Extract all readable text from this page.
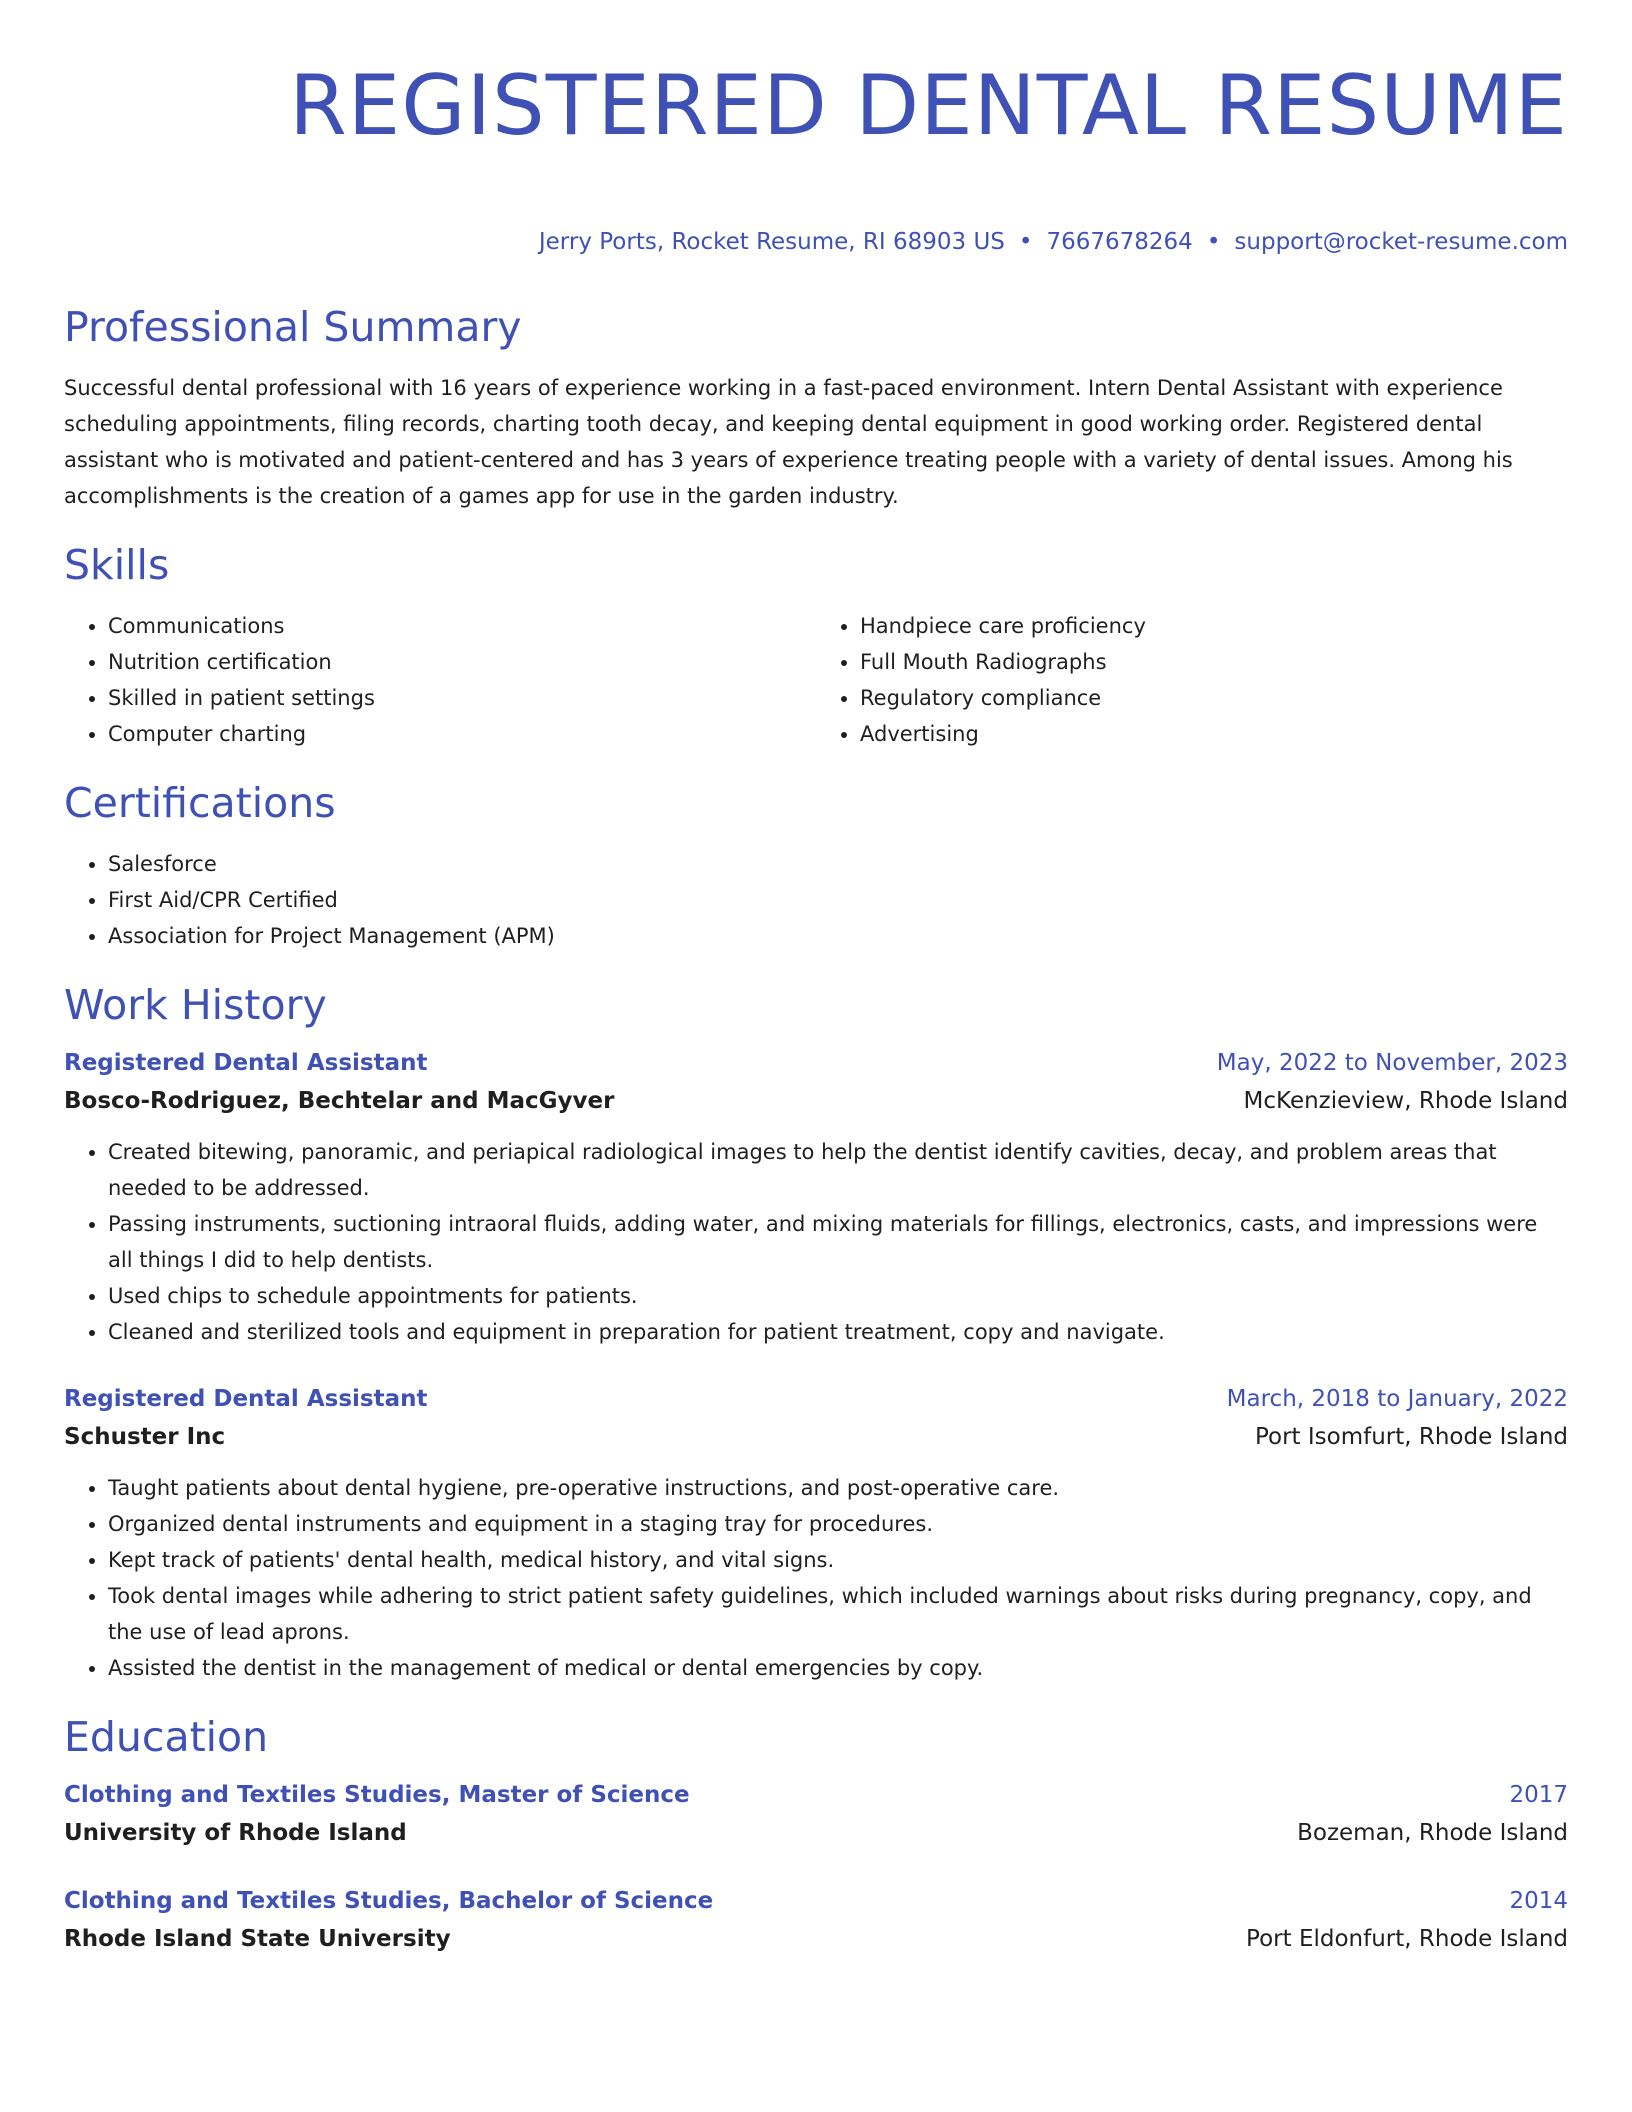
REGISTERED DENTAL RESUME
Jerry Ports, Rocket Resume, RI 68903 US • 7667678264 • support@rocket-resume.com
Professional Summary

Successful dental professional with 16 years of experience working in a fast-paced environment. Intern Dental Assistant with experience scheduling appointments, filing records, charting tooth decay, and keeping dental equipment in good working order. Registered dental assistant who is motivated and patient-centered and has 3 years of experience treating people with a variety of dental issues. Among his accomplishments is the creation of a games app for use in the garden industry.

Skills
• Communications
• Nutrition certification
• Skilled in patient settings
• Computer charting
• Handpiece care proficiency
• Full Mouth Radiographs
• Regulatory compliance
• Advertising
Certifications
• Salesforce
• First Aid/CPR Certified
• Association for Project Management (APM)
Work History
Registered Dental Assistant	May, 2022 to November, 2023
Bosco-Rodriguez, Bechtelar and MacGyver	McKenzieview, Rhode Island
• Created bitewing, panoramic, and periapical radiological images to help the dentist identify cavities, decay, and problem areas that needed to be addressed.
• Passing instruments, suctioning intraoral fluids, adding water, and mixing materials for fillings, electronics, casts, and impressions were all things I did to help dentists.
• Used chips to schedule appointments for patients.
• Cleaned and sterilized tools and equipment in preparation for patient treatment, copy and navigate.
Registered Dental Assistant	March, 2018 to January, 2022
Schuster Inc	Port Isomfurt, Rhode Island
• Taught patients about dental hygiene, pre-operative instructions, and post-operative care.
• Organized dental instruments and equipment in a staging tray for procedures.
• Kept track of patients' dental health, medical history, and vital signs.
• Took dental images while adhering to strict patient safety guidelines, which included warnings about risks during pregnancy, copy, and the use of lead aprons.
• Assisted the dentist in the management of medical or dental emergencies by copy.
Education
Clothing and Textiles Studies, Master of Science	2017
University of Rhode Island	Bozeman, Rhode Island
Clothing and Textiles Studies, Bachelor of Science	2014
Rhode Island State University	Port Eldonfurt, Rhode Island
